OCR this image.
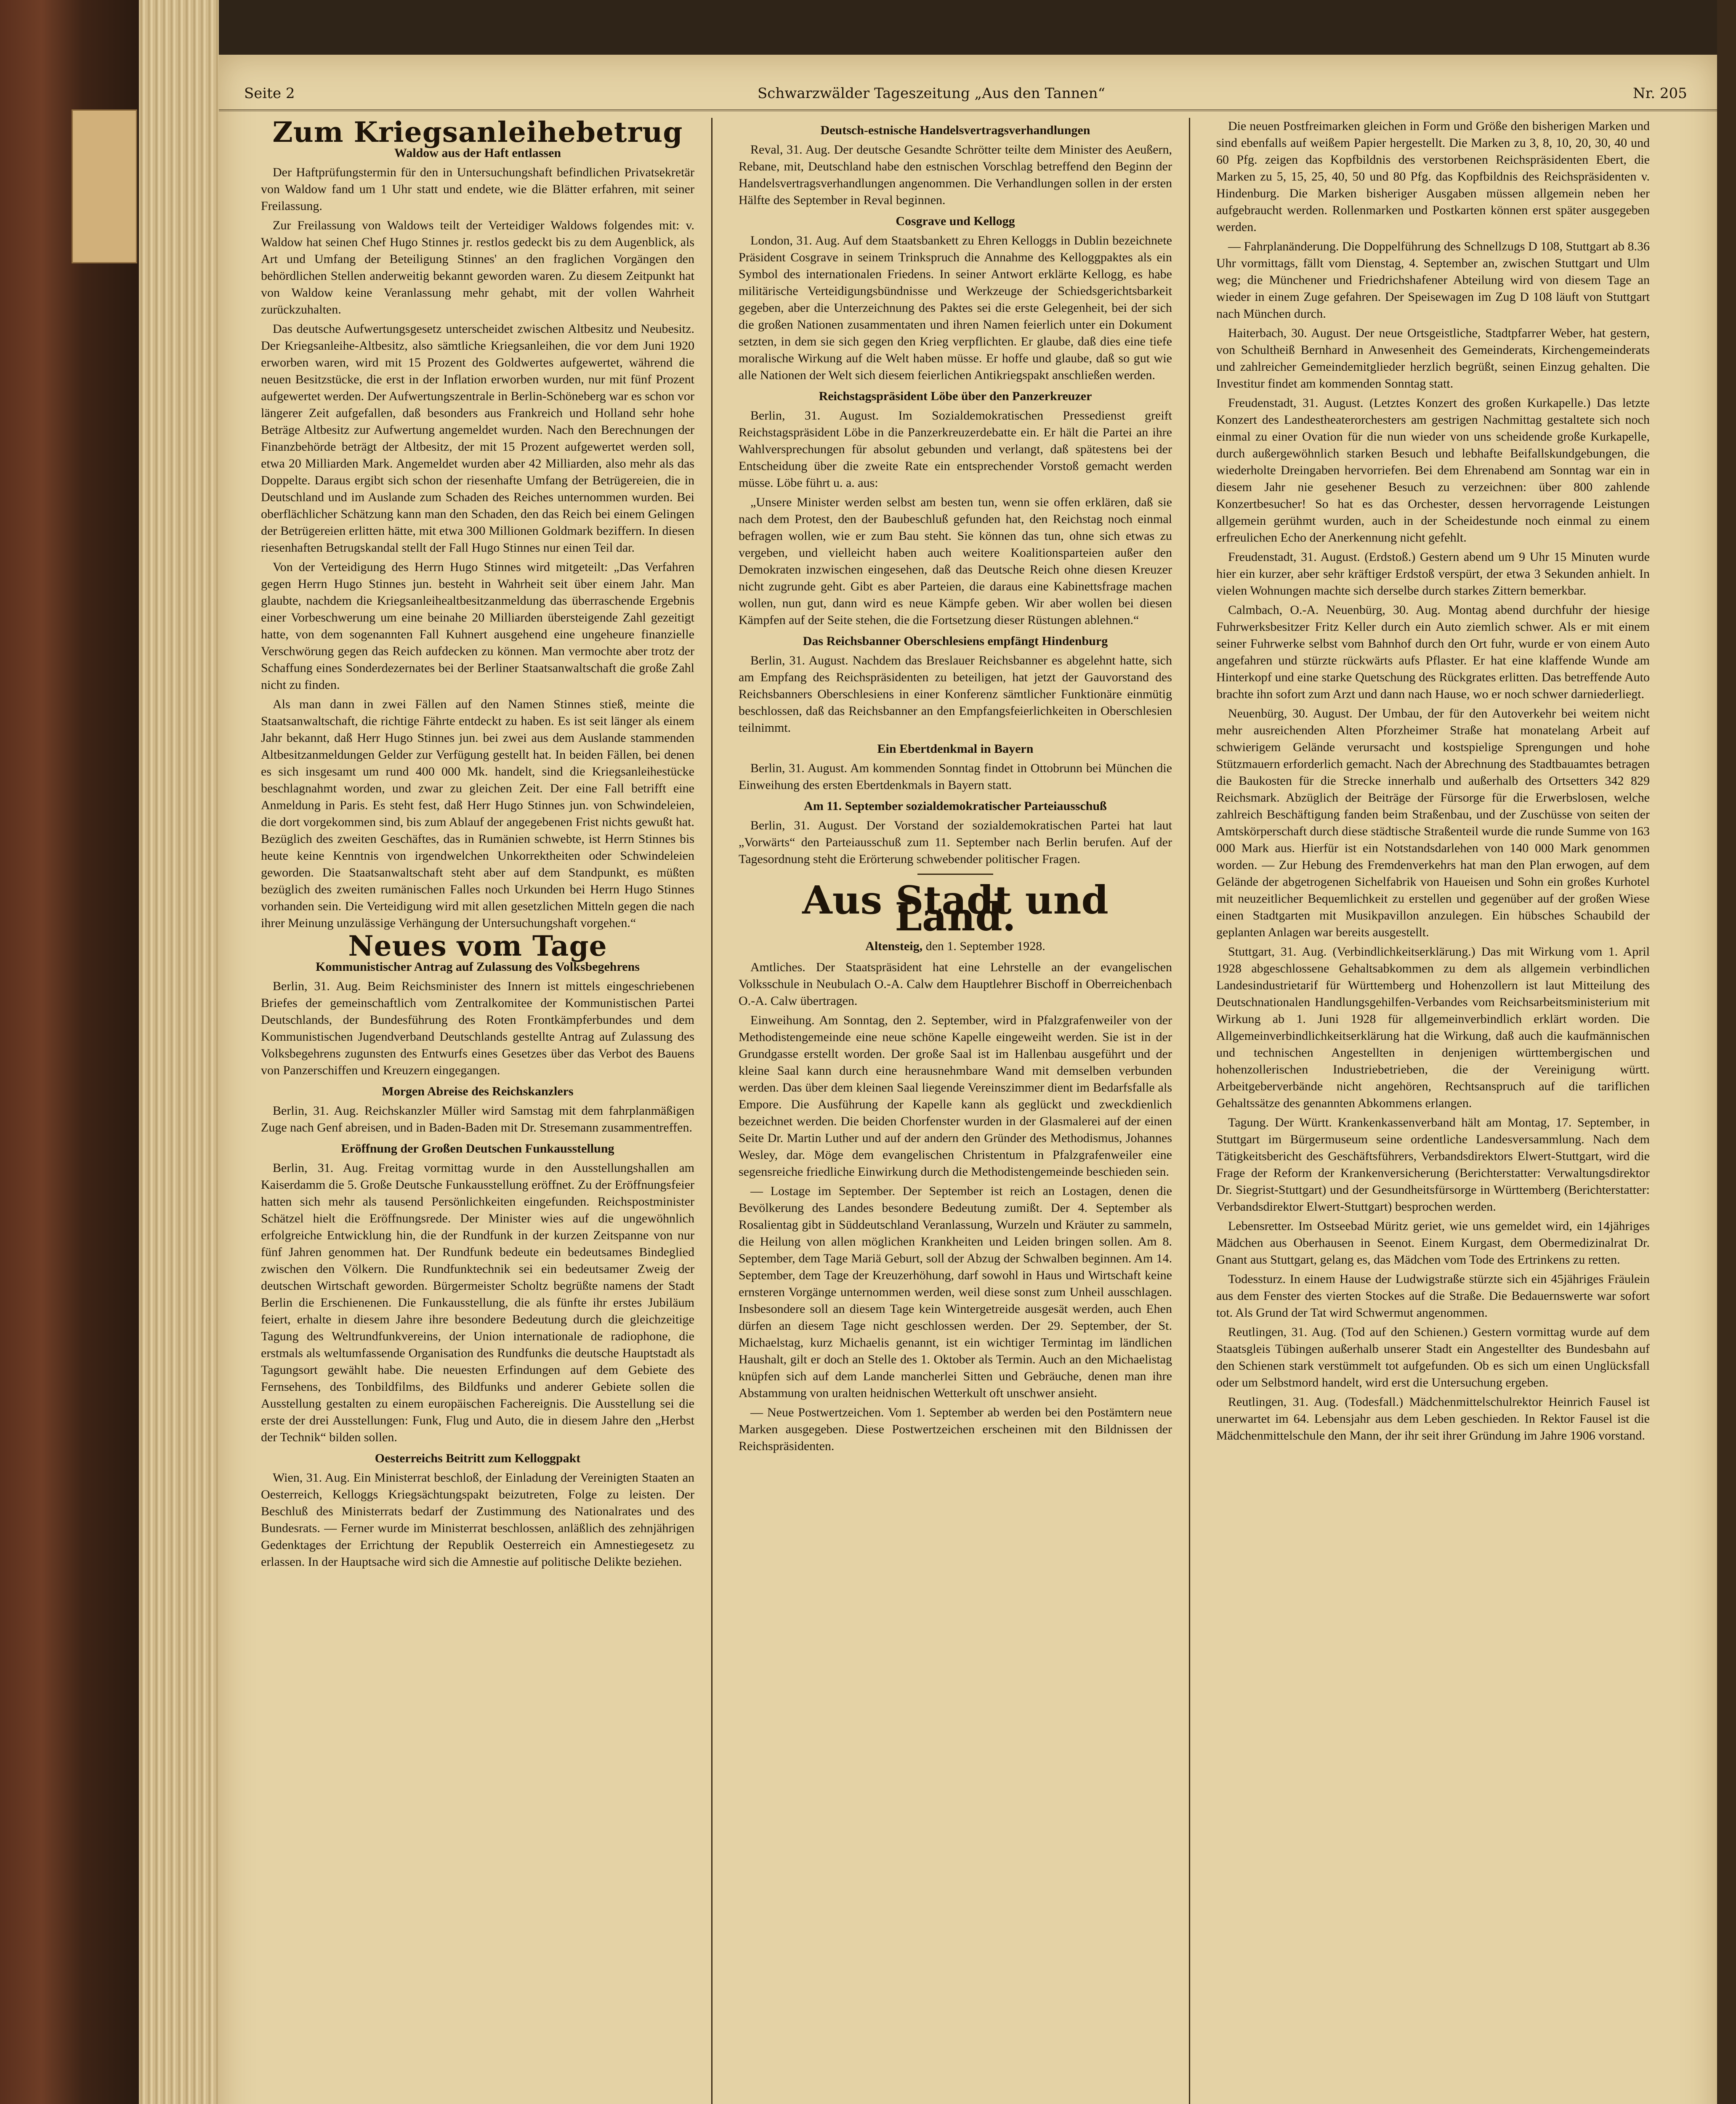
Seite 2	Schwarzwälder Tageszeitung „Aus den Tannen“	Nr. 205
Zum Kriegsanleihebetrug
Waldow aus der Haft entlassen

Der Haftprüfungstermin für den in Untersuchungshaft befindlichen Privatsekretär von Waldow fand um 1 Uhr statt und endete, wie die Blätter erfahren, mit seiner Freilassung.

Zur Freilassung von Waldows teilt der Verteidiger Waldows folgendes mit: v. Waldow hat seinen Chef Hugo Stinnes jr. restlos gedeckt bis zu dem Augenblick, als Art und Umfang der Beteiligung Stinnes' an den fraglichen Vorgängen den behördlichen Stellen anderweitig bekannt geworden waren. Zu diesem Zeitpunkt hat von Waldow keine Veranlassung mehr gehabt, mit der vollen Wahrheit zurückzuhalten.

Das deutsche Aufwertungsgesetz unterscheidet zwischen Altbesitz und Neubesitz. Der Kriegsanleihe-Altbesitz, also sämtliche Kriegsanleihen, die vor dem Juni 1920 erworben waren, wird mit 15 Prozent des Goldwertes aufgewertet, während die neuen Besitzstücke, die erst in der Inflation erworben wurden, nur mit fünf Prozent aufgewertet werden. Der Aufwertungszentrale in Berlin-Schöneberg war es schon vor längerer Zeit aufgefallen, daß besonders aus Frankreich und Holland sehr hohe Beträge Altbesitz zur Aufwertung angemeldet wurden. Nach den Berechnungen der Finanzbehörde beträgt der Altbesitz, der mit 15 Prozent aufgewertet werden soll, etwa 20 Milliarden Mark. Angemeldet wurden aber 42 Milliarden, also mehr als das Doppelte. Daraus ergibt sich schon der riesenhafte Umfang der Betrügereien, die in Deutschland und im Auslande zum Schaden des Reiches unternommen wurden. Bei oberflächlicher Schätzung kann man den Schaden, den das Reich bei einem Gelingen der Betrügereien erlitten hätte, mit etwa 300 Millionen Goldmark beziffern. In diesen riesenhaften Betrugskandal stellt der Fall Hugo Stinnes nur einen Teil dar.

Von der Verteidigung des Herrn Hugo Stinnes wird mitgeteilt: „Das Verfahren gegen Herrn Hugo Stinnes jun. besteht in Wahrheit seit über einem Jahr. Man glaubte, nachdem die Kriegsanleihealtbesitzanmeldung das überraschende Ergebnis einer Vorbeschwerung um eine beinahe 20 Milliarden übersteigende Zahl gezeitigt hatte, von dem sogenannten Fall Kuhnert ausgehend eine ungeheure finanzielle Verschwörung gegen das Reich aufdecken zu können. Man vermochte aber trotz der Schaffung eines Sonderdezernates bei der Berliner Staatsanwaltschaft die große Zahl nicht zu finden.

Als man dann in zwei Fällen auf den Namen Stinnes stieß, meinte die Staatsanwaltschaft, die richtige Fährte entdeckt zu haben. Es ist seit länger als einem Jahr bekannt, daß Herr Hugo Stinnes jun. bei zwei aus dem Auslande stammenden Altbesitzanmeldungen Gelder zur Verfügung gestellt hat. In beiden Fällen, bei denen es sich insgesamt um rund 400 000 Mk. handelt, sind die Kriegsanleihestücke beschlagnahmt worden, und zwar zu gleichen Zeit. Der eine Fall betrifft eine Anmeldung in Paris. Es steht fest, daß Herr Hugo Stinnes jun. von Schwindeleien, die dort vorgekommen sind, bis zum Ablauf der angegebenen Frist nichts gewußt hat. Bezüglich des zweiten Geschäftes, das in Rumänien schwebte, ist Herrn Stinnes bis heute keine Kenntnis von irgendwelchen Unkorrektheiten oder Schwindeleien geworden. Die Staatsanwaltschaft steht aber auf dem Standpunkt, es müßten bezüglich des zweiten rumänischen Falles noch Urkunden bei Herrn Hugo Stinnes vorhanden sein. Die Verteidigung wird mit allen gesetzlichen Mitteln gegen die nach ihrer Meinung unzulässige Verhängung der Untersuchungshaft vorgehen.“

Neues vom Tage
Kommunistischer Antrag auf Zulassung des Volksbegehrens

Berlin, 31. Aug. Beim Reichsminister des Innern ist mittels eingeschriebenen Briefes der gemeinschaftlich vom Zentralkomitee der Kommunistischen Partei Deutschlands, der Bundesführung des Roten Frontkämpferbundes und dem Kommunistischen Jugendverband Deutschlands gestellte Antrag auf Zulassung des Volksbegehrens zugunsten des Entwurfs eines Gesetzes über das Verbot des Bauens von Panzerschiffen und Kreuzern eingegangen.

Morgen Abreise des Reichskanzlers

Berlin, 31. Aug. Reichskanzler Müller wird Samstag mit dem fahrplanmäßigen Zuge nach Genf abreisen, und in Baden-Baden mit Dr. Stresemann zusammentreffen.

Eröffnung der Großen Deutschen Funkausstellung

Berlin, 31. Aug. Freitag vormittag wurde in den Ausstellungshallen am Kaiserdamm die 5. Große Deutsche Funkausstellung eröffnet. Zu der Eröffnungsfeier hatten sich mehr als tausend Persönlichkeiten eingefunden. Reichspostminister Schätzel hielt die Eröffnungsrede. Der Minister wies auf die ungewöhnlich erfolgreiche Entwicklung hin, die der Rundfunk in der kurzen Zeitspanne von nur fünf Jahren genommen hat. Der Rundfunk bedeute ein bedeutsames Bindeglied zwischen den Völkern. Die Rundfunktechnik sei ein bedeutsamer Zweig der deutschen Wirtschaft geworden. Bürgermeister Scholtz begrüßte namens der Stadt Berlin die Erschienenen. Die Funkausstellung, die als fünfte ihr erstes Jubiläum feiert, erhalte in diesem Jahre ihre besondere Bedeutung durch die gleichzeitige Tagung des Weltrundfunkvereins, der Union internationale de radiophone, die erstmals als weltumfassende Organisation des Rundfunks die deutsche Hauptstadt als Tagungsort gewählt habe. Die neuesten Erfindungen auf dem Gebiete des Fernsehens, des Tonbildfilms, des Bildfunks und anderer Gebiete sollen die Ausstellung gestalten zu einem europäischen Fachereignis. Die Ausstellung sei die erste der drei Ausstellungen: Funk, Flug und Auto, die in diesem Jahre den „Herbst der Technik“ bilden sollen.

Oesterreichs Beitritt zum Kelloggpakt

Wien, 31. Aug. Ein Ministerrat beschloß, der Einladung der Vereinigten Staaten an Oesterreich, Kelloggs Kriegsächtungspakt beizutreten, Folge zu leisten. Der Beschluß des Ministerrats bedarf der Zustimmung des Nationalrates und des Bundesrats. — Ferner wurde im Ministerrat beschlossen, anläßlich des zehnjährigen Gedenktages der Errichtung der Republik Oesterreich ein Amnestiegesetz zu erlassen. In der Hauptsache wird sich die Amnestie auf politische Delikte beziehen.

Deutsch-estnische Handelsvertragsverhandlungen

Reval, 31. Aug. Der deutsche Gesandte Schrötter teilte dem Minister des Aeußern, Rebane, mit, Deutschland habe den estnischen Vorschlag betreffend den Beginn der Handelsvertragsverhandlungen angenommen. Die Verhandlungen sollen in der ersten Hälfte des September in Reval beginnen.

Cosgrave und Kellogg

London, 31. Aug. Auf dem Staatsbankett zu Ehren Kelloggs in Dublin bezeichnete Präsident Cosgrave in seinem Trinkspruch die Annahme des Kelloggpaktes als ein Symbol des internationalen Friedens. In seiner Antwort erklärte Kellogg, es habe militärische Verteidigungsbündnisse und Werkzeuge der Schiedsgerichtsbarkeit gegeben, aber die Unterzeichnung des Paktes sei die erste Gelegenheit, bei der sich die großen Nationen zusammentaten und ihren Namen feierlich unter ein Dokument setzten, in dem sie sich gegen den Krieg verpflichten. Er glaube, daß dies eine tiefe moralische Wirkung auf die Welt haben müsse. Er hoffe und glaube, daß so gut wie alle Nationen der Welt sich diesem feierlichen Antikriegspakt anschließen werden.

Reichstagspräsident Löbe über den Panzerkreuzer

Berlin, 31. August. Im Sozialdemokratischen Pressedienst greift Reichstagspräsident Löbe in die Panzerkreuzerdebatte ein. Er hält die Partei an ihre Wahlversprechungen für absolut gebunden und verlangt, daß spätestens bei der Entscheidung über die zweite Rate ein entsprechender Vorstoß gemacht werden müsse. Löbe führt u. a. aus:

„Unsere Minister werden selbst am besten tun, wenn sie offen erklären, daß sie nach dem Protest, den der Baubeschluß gefunden hat, den Reichstag noch einmal befragen wollen, wie er zum Bau steht. Sie können das tun, ohne sich etwas zu vergeben, und vielleicht haben auch weitere Koalitionsparteien außer den Demokraten inzwischen eingesehen, daß das Deutsche Reich ohne diesen Kreuzer nicht zugrunde geht. Gibt es aber Parteien, die daraus eine Kabinettsfrage machen wollen, nun gut, dann wird es neue Kämpfe geben. Wir aber wollen bei diesen Kämpfen auf der Seite stehen, die die Fortsetzung dieser Rüstungen ablehnen.“

Das Reichsbanner Oberschlesiens empfängt Hindenburg

Berlin, 31. August. Nachdem das Breslauer Reichsbanner es abgelehnt hatte, sich am Empfang des Reichspräsidenten zu beteiligen, hat jetzt der Gauvorstand des Reichsbanners Oberschlesiens in einer Konferenz sämtlicher Funktionäre einmütig beschlossen, daß das Reichsbanner an den Empfangsfeierlichkeiten in Oberschlesien teilnimmt.

Ein Ebertdenkmal in Bayern

Berlin, 31. August. Am kommenden Sonntag findet in Ottobrunn bei München die Einweihung des ersten Ebertdenkmals in Bayern statt.

Am 11. September sozialdemokratischer Parteiausschuß

Berlin, 31. August. Der Vorstand der sozialdemokratischen Partei hat laut „Vorwärts“ den Parteiausschuß zum 11. September nach Berlin berufen. Auf der Tagesordnung steht die Erörterung schwebender politischer Fragen.

Aus Stadt und Land.
Altensteig, den 1. September 1928.

Amtliches. Der Staatspräsident hat eine Lehrstelle an der evangelischen Volksschule in Neubulach O.-A. Calw dem Hauptlehrer Bischoff in Oberreichenbach O.-A. Calw übertragen.

Einweihung. Am Sonntag, den 2. September, wird in Pfalzgrafenweiler von der Methodistengemeinde eine neue schöne Kapelle eingeweiht werden. Sie ist in der Grundgasse erstellt worden. Der große Saal ist im Hallenbau ausgeführt und der kleine Saal kann durch eine herausnehmbare Wand mit demselben verbunden werden. Das über dem kleinen Saal liegende Vereinszimmer dient im Bedarfsfalle als Empore. Die Ausführung der Kapelle kann als geglückt und zweckdienlich bezeichnet werden. Die beiden Chorfenster wurden in der Glasmalerei auf der einen Seite Dr. Martin Luther und auf der andern den Gründer des Methodismus, Johannes Wesley, dar. Möge dem evangelischen Christentum in Pfalzgrafenweiler eine segensreiche friedliche Einwirkung durch die Methodistengemeinde beschieden sein.

— Lostage im September. Der September ist reich an Lostagen, denen die Bevölkerung des Landes besondere Bedeutung zumißt. Der 4. September als Rosalientag gibt in Süddeutschland Veranlassung, Wurzeln und Kräuter zu sammeln, die Heilung von allen möglichen Krankheiten und Leiden bringen sollen. Am 8. September, dem Tage Mariä Geburt, soll der Abzug der Schwalben beginnen. Am 14. September, dem Tage der Kreuzerhöhung, darf sowohl in Haus und Wirtschaft keine ernsteren Vorgänge unternommen werden, weil diese sonst zum Unheil ausschlagen. Insbesondere soll an diesem Tage kein Wintergetreide ausgesät werden, auch Ehen dürfen an diesem Tage nicht geschlossen werden. Der 29. September, der St. Michaelstag, kurz Michaelis genannt, ist ein wichtiger Termintag im ländlichen Haushalt, gilt er doch an Stelle des 1. Oktober als Termin. Auch an den Michaelistag knüpfen sich auf dem Lande mancherlei Sitten und Gebräuche, denen man ihre Abstammung von uralten heidnischen Wetterkult oft unschwer ansieht.

— Neue Postwertzeichen. Vom 1. September ab werden bei den Postämtern neue Marken ausgegeben. Diese Postwertzeichen erscheinen mit den Bildnissen der Reichspräsidenten.

Die neuen Postfreimarken gleichen in Form und Größe den bisherigen Marken und sind ebenfalls auf weißem Papier hergestellt. Die Marken zu 3, 8, 10, 20, 30, 40 und 60 Pfg. zeigen das Kopfbildnis des verstorbenen Reichspräsidenten Ebert, die Marken zu 5, 15, 25, 40, 50 und 80 Pfg. das Kopfbildnis des Reichspräsidenten v. Hindenburg. Die Marken bisheriger Ausgaben müssen allgemein neben her aufgebraucht werden. Rollenmarken und Postkarten können erst später ausgegeben werden.

— Fahrplanänderung. Die Doppelführung des Schnellzugs D 108, Stuttgart ab 8.36 Uhr vormittags, fällt vom Dienstag, 4. September an, zwischen Stuttgart und Ulm weg; die Münchener und Friedrichshafener Abteilung wird von diesem Tage an wieder in einem Zuge gefahren. Der Speisewagen im Zug D 108 läuft von Stuttgart nach München durch.

Haiterbach, 30. August. Der neue Ortsgeistliche, Stadtpfarrer Weber, hat gestern, von Schultheiß Bernhard in Anwesenheit des Gemeinderats, Kirchengemeinderats und zahlreicher Gemeindemitglieder herzlich begrüßt, seinen Einzug gehalten. Die Investitur findet am kommenden Sonntag statt.

Freudenstadt, 31. August. (Letztes Konzert des großen Kurkapelle.) Das letzte Konzert des Landestheaterorchesters am gestrigen Nachmittag gestaltete sich noch einmal zu einer Ovation für die nun wieder von uns scheidende große Kurkapelle, durch außergewöhnlich starken Besuch und lebhafte Beifallskundgebungen, die wiederholte Dreingaben hervorriefen. Bei dem Ehrenabend am Sonntag war ein in diesem Jahr nie gesehener Besuch zu verzeichnen: über 800 zahlende Konzertbesucher! So hat es das Orchester, dessen hervorragende Leistungen allgemein gerühmt wurden, auch in der Scheidestunde noch einmal zu einem erfreulichen Echo der Anerkennung nicht gefehlt.

Freudenstadt, 31. August. (Erdstoß.) Gestern abend um 9 Uhr 15 Minuten wurde hier ein kurzer, aber sehr kräftiger Erdstoß verspürt, der etwa 3 Sekunden anhielt. In vielen Wohnungen machte sich derselbe durch starkes Zittern bemerkbar.

Calmbach, O.-A. Neuenbürg, 30. Aug. Montag abend durchfuhr der hiesige Fuhrwerksbesitzer Fritz Keller durch ein Auto ziemlich schwer. Als er mit einem seiner Fuhrwerke selbst vom Bahnhof durch den Ort fuhr, wurde er von einem Auto angefahren und stürzte rückwärts aufs Pflaster. Er hat eine klaffende Wunde am Hinterkopf und eine starke Quetschung des Rückgrates erlitten. Das betreffende Auto brachte ihn sofort zum Arzt und dann nach Hause, wo er noch schwer darniederliegt.

Neuenbürg, 30. August. Der Umbau, der für den Autoverkehr bei weitem nicht mehr ausreichenden Alten Pforzheimer Straße hat monatelang Arbeit auf schwierigem Gelände verursacht und kostspielige Sprengungen und hohe Stützmauern erforderlich gemacht. Nach der Abrechnung des Stadtbauamtes betragen die Baukosten für die Strecke innerhalb und außerhalb des Ortsetters 342 829 Reichsmark. Abzüglich der Beiträge der Fürsorge für die Erwerbslosen, welche zahlreich Beschäftigung fanden beim Straßenbau, und der Zuschüsse von seiten der Amtskörperschaft durch diese städtische Straßenteil wurde die runde Summe von 163 000 Mark aus. Hierfür ist ein Notstandsdarlehen von 140 000 Mark genommen worden. — Zur Hebung des Fremdenverkehrs hat man den Plan erwogen, auf dem Gelände der abgetrogenen Sichelfabrik von Haueisen und Sohn ein großes Kurhotel mit neuzeitlicher Bequemlichkeit zu erstellen und gegenüber auf der großen Wiese einen Stadtgarten mit Musikpavillon anzulegen. Ein hübsches Schaubild der geplanten Anlagen war bereits ausgestellt.

Stuttgart, 31. Aug. (Verbindlichkeitserklärung.) Das mit Wirkung vom 1. April 1928 abgeschlossene Gehaltsabkommen zu dem als allgemein verbindlichen Landesindustrietarif für Württemberg und Hohenzollern ist laut Mitteilung des Deutschnationalen Handlungsgehilfen-Verbandes vom Reichsarbeitsministerium mit Wirkung ab 1. Juni 1928 für allgemeinverbindlich erklärt worden. Die Allgemeinverbindlichkeitserklärung hat die Wirkung, daß auch die kaufmännischen und technischen Angestellten in denjenigen württembergischen und hohenzollerischen Industriebetrieben, die der Vereinigung württ. Arbeitgeberverbände nicht angehören, Rechtsanspruch auf die tariflichen Gehaltssätze des genannten Abkommens erlangen.

Tagung. Der Württ. Krankenkassenverband hält am Montag, 17. September, in Stuttgart im Bürgermuseum seine ordentliche Landesversammlung. Nach dem Tätigkeitsbericht des Geschäftsführers, Verbandsdirektors Elwert-Stuttgart, wird die Frage der Reform der Krankenversicherung (Berichterstatter: Verwaltungsdirektor Dr. Siegrist-Stuttgart) und der Gesundheitsfürsorge in Württemberg (Berichterstatter: Verbandsdirektor Elwert-Stuttgart) besprochen werden.

Lebensretter. Im Ostseebad Müritz geriet, wie uns gemeldet wird, ein 14jähriges Mädchen aus Oberhausen in Seenot. Einem Kurgast, dem Obermedizinalrat Dr. Gnant aus Stuttgart, gelang es, das Mädchen vom Tode des Ertrinkens zu retten.

Todessturz. In einem Hause der Ludwigstraße stürzte sich ein 45jähriges Fräulein aus dem Fenster des vierten Stockes auf die Straße. Die Bedauernswerte war sofort tot. Als Grund der Tat wird Schwermut angenommen.

Reutlingen, 31. Aug. (Tod auf den Schienen.) Gestern vormittag wurde auf dem Staatsgleis Tübingen außerhalb unserer Stadt ein Angestellter des Bundesbahn auf den Schienen stark verstümmelt tot aufgefunden. Ob es sich um einen Unglücksfall oder um Selbstmord handelt, wird erst die Untersuchung ergeben.

Reutlingen, 31. Aug. (Todesfall.) Mädchenmittelschulrektor Heinrich Fausel ist unerwartet im 64. Lebensjahr aus dem Leben geschieden. In Rektor Fausel ist die Mädchenmittelschule den Mann, der ihr seit ihrer Gründung im Jahre 1906 vorstand.
